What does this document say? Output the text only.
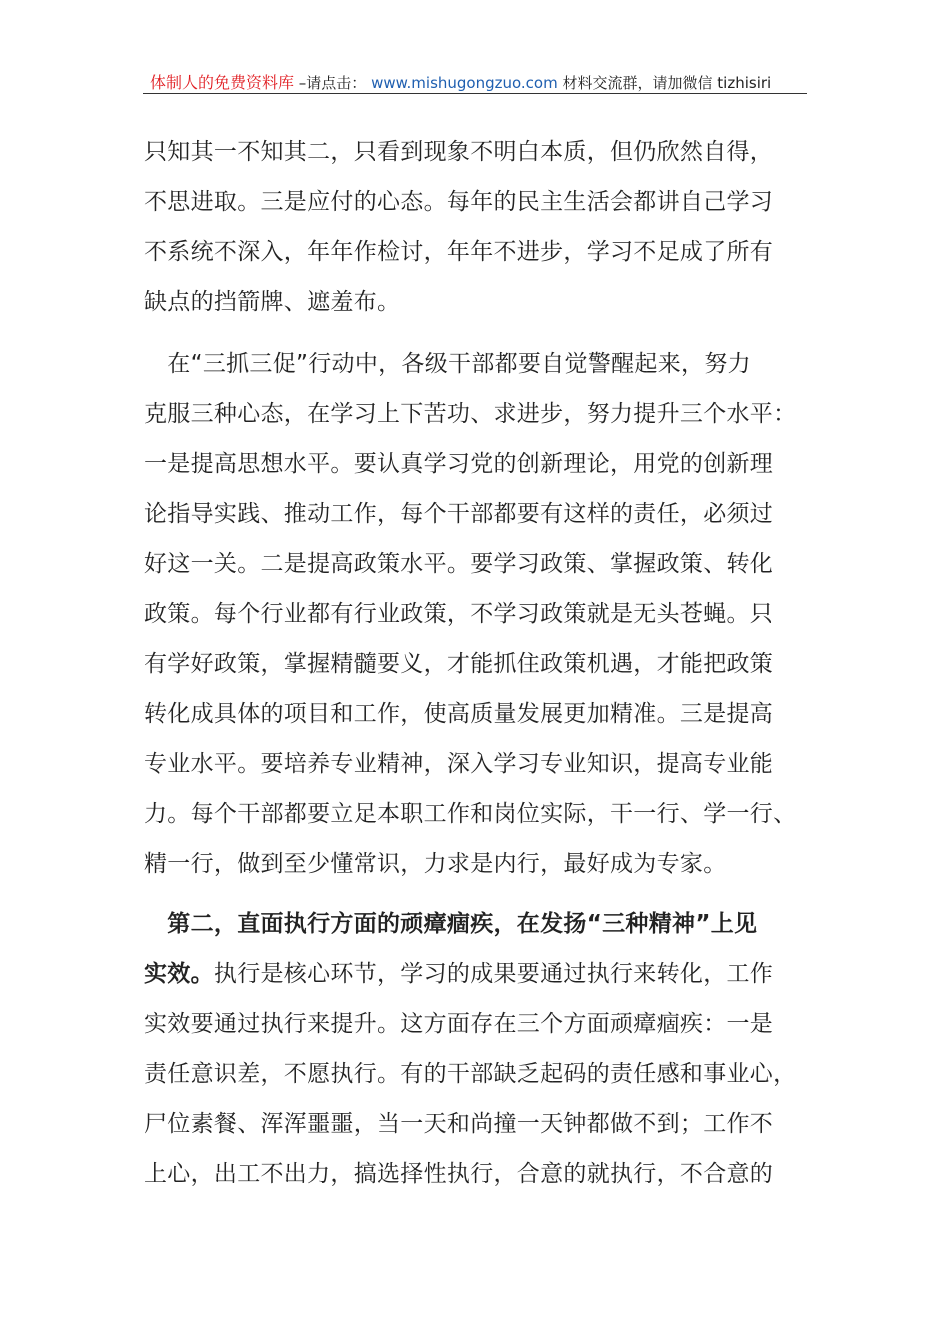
体制人的免费资料库 –请点击： www.mishugongzuo.com 材料交流群，请加微信 tizhisiri
只知其一不知其二，只看到现象不明白本质，但仍欣然自得，
不思进取。三是应付的心态。每年的民主生活会都讲自己学习
不系统不深入，年年作检讨，年年不进步，学习不足成了所有
缺点的挡箭牌、遮羞布。
　在“三抓三促”行动中，各级干部都要自觉警醒起来，努力
克服三种心态，在学习上下苦功、求进步，努力提升三个水平：
一是提高思想水平。要认真学习党的创新理论，用党的创新理
论指导实践、推动工作，每个干部都要有这样的责任，必须过
好这一关。二是提高政策水平。要学习政策、掌握政策、转化
政策。每个行业都有行业政策，不学习政策就是无头苍蝇。只
有学好政策，掌握精髓要义，才能抓住政策机遇，才能把政策
转化成具体的项目和工作，使高质量发展更加精准。三是提高
专业水平。要培养专业精神，深入学习专业知识，提高专业能
力。每个干部都要立足本职工作和岗位实际，干一行、学一行、
精一行，做到至少懂常识，力求是内行，最好成为专家。
　第二，直面执行方面的顽瘴痼疾，在发扬“三种精神”上见
实效。执行是核心环节，学习的成果要通过执行来转化，工作
实效要通过执行来提升。这方面存在三个方面顽瘴痼疾：一是
责任意识差，不愿执行。有的干部缺乏起码的责任感和事业心，
尸位素餐、浑浑噩噩，当一天和尚撞一天钟都做不到；工作不
上心，出工不出力，搞选择性执行，合意的就执行，不合意的
